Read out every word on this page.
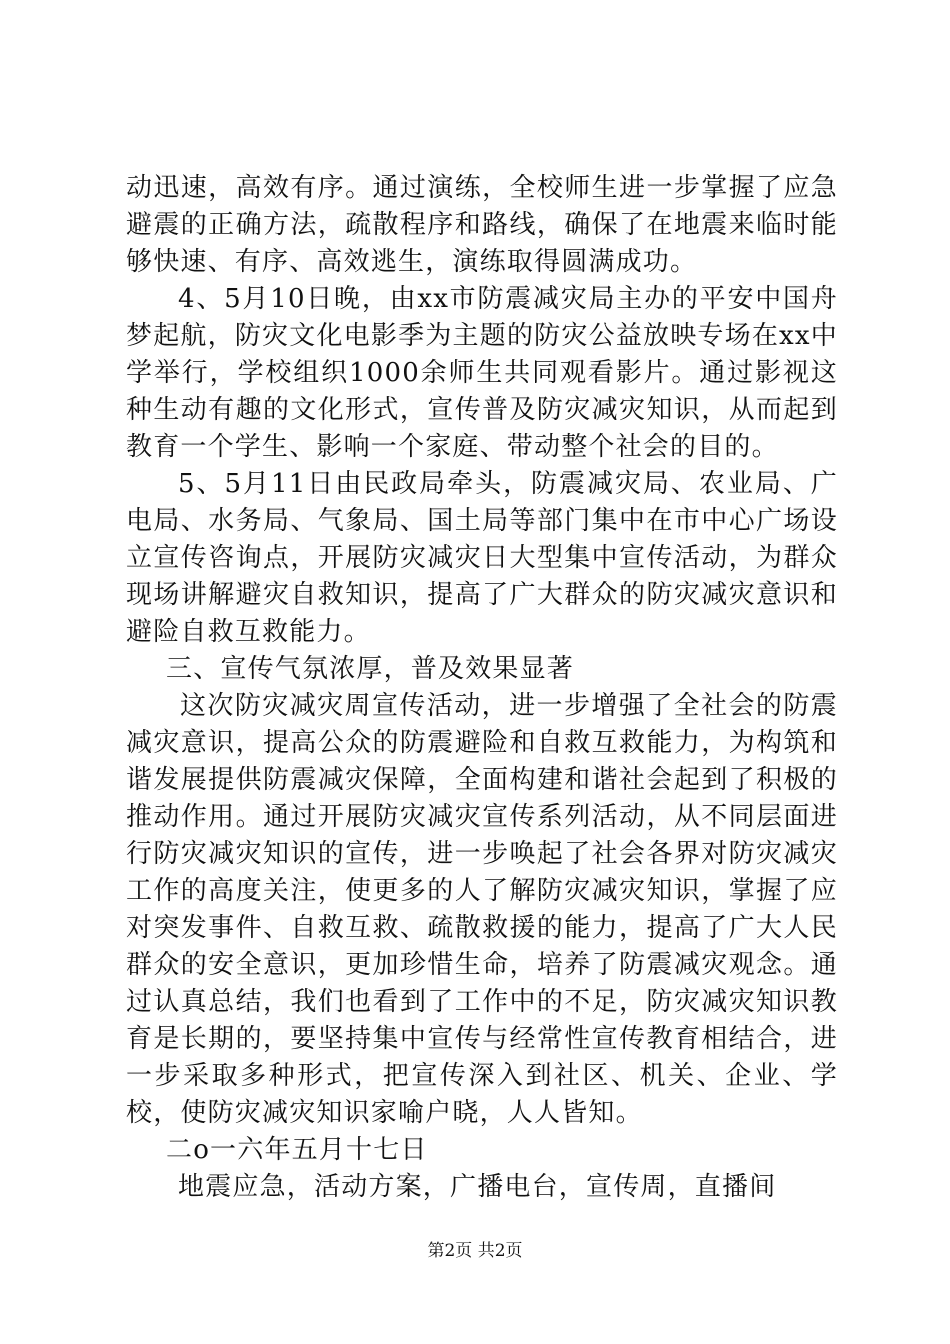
动迅速，高效有序。通过演练，全校师生进一步掌握了应急避震的正确方法，疏散程序和路线，确保了在地震来临时能够快速、有序、高效逃生，演练取得圆满成功。

4、5月10日晚，由xx市防震减灾局主办的平安中国舟梦起航，防灾文化电影季为主题的防灾公益放映专场在xx中学举行，学校组织1000余师生共同观看影片。通过影视这种生动有趣的文化形式，宣传普及防灾减灾知识，从而起到教育一个学生、影响一个家庭、带动整个社会的目的。

5、5月11日由民政局牵头，防震减灾局、农业局、广电局、水务局、气象局、国土局等部门集中在市中心广场设立宣传咨询点，开展防灾减灾日大型集中宣传活动，为群众现场讲解避灾自救知识，提高了广大群众的防灾减灾意识和避险自救互救能力。

三、宣传气氛浓厚，普及效果显著

这次防灾减灾周宣传活动，进一步增强了全社会的防震减灾意识，提高公众的防震避险和自救互救能力，为构筑和谐发展提供防震减灾保障，全面构建和谐社会起到了积极的推动作用。通过开展防灾减灾宣传系列活动，从不同层面进行防灾减灾知识的宣传，进一步唤起了社会各界对防灾减灾工作的高度关注，使更多的人了解防灾减灾知识，掌握了应对突发事件、自救互救、疏散救援的能力，提高了广大人民群众的安全意识，更加珍惜生命，培养了防震减灾观念。通过认真总结，我们也看到了工作中的不足，防灾减灾知识教育是长期的，要坚持集中宣传与经常性宣传教育相结合，进一步采取多种形式，把宣传深入到社区、机关、企业、学校，使防灾减灾知识家喻户晓，人人皆知。

二o一六年五月十七日

地震应急，活动方案，广播电台，宣传周，直播间

第2页 共2页
